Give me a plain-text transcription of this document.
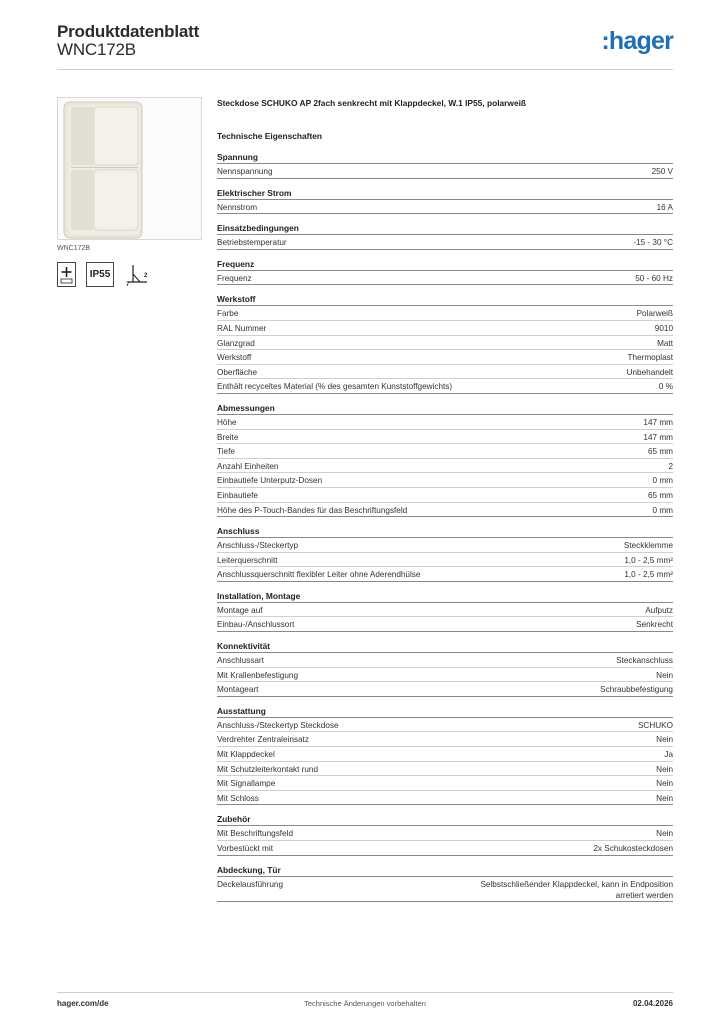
Produktdatenblatt
WNC172B	:hager
WNC172B
IP55
7
2
Steckdose SCHUKO AP 2fach senkrecht mit Klappdeckel, W.1 IP55, polarweiß
Technische Eigenschaften
Spannung
Nennspannung	250 V
Elektrischer Strom
Nennstrom	16 A
Einsatzbedingungen
Betriebstemperatur	-15 - 30 °C
Frequenz
Frequenz	50 - 60 Hz
Werkstoff
Farbe	Polarweiß
RAL Nummer	9010
Glanzgrad	Matt
Werkstoff	Thermoplast
Oberfläche	Unbehandelt
Enthält recyceltes Material (% des gesamten Kunststoffgewichts)	0 %
Abmessungen
Höhe	147 mm
Breite	147 mm
Tiefe	65 mm
Anzahl Einheiten	2
Einbautiefe Unterputz-Dosen	0 mm
Einbautiefe	65 mm
Höhe des P-Touch-Bandes für das Beschriftungsfeld	0 mm
Anschluss
Anschluss-/Steckertyp	Steckklemme
Leiterquerschnitt	1,0 - 2,5 mm²
Anschlussquerschnitt flexibler Leiter ohne Aderendhülse	1,0 - 2,5 mm²
Installation, Montage
Montage auf	Aufputz
Einbau-/Anschlussort	Senkrecht
Konnektivität
Anschlussart	Steckanschluss
Mit Krallenbefestigung	Nein
Montageart	Schraubbefestigung
Ausstattung
Anschluss-/Steckertyp Steckdose	SCHUKO
Verdrehter Zentraleinsatz	Nein
Mit Klappdeckel	Ja
Mit Schutzleiterkontakt rund	Nein
Mit Signallampe	Nein
Mit Schloss	Nein
Zubehör
Mit Beschriftungsfeld	Nein
Vorbestückt mit	2x Schukosteckdosen
Abdeckung, Tür
Deckelausführung	Selbstschließender Klappdeckel, kann in Endposition arretiert werden
hager.com/de	Technische Änderungen vorbehalten	02.04.2026
